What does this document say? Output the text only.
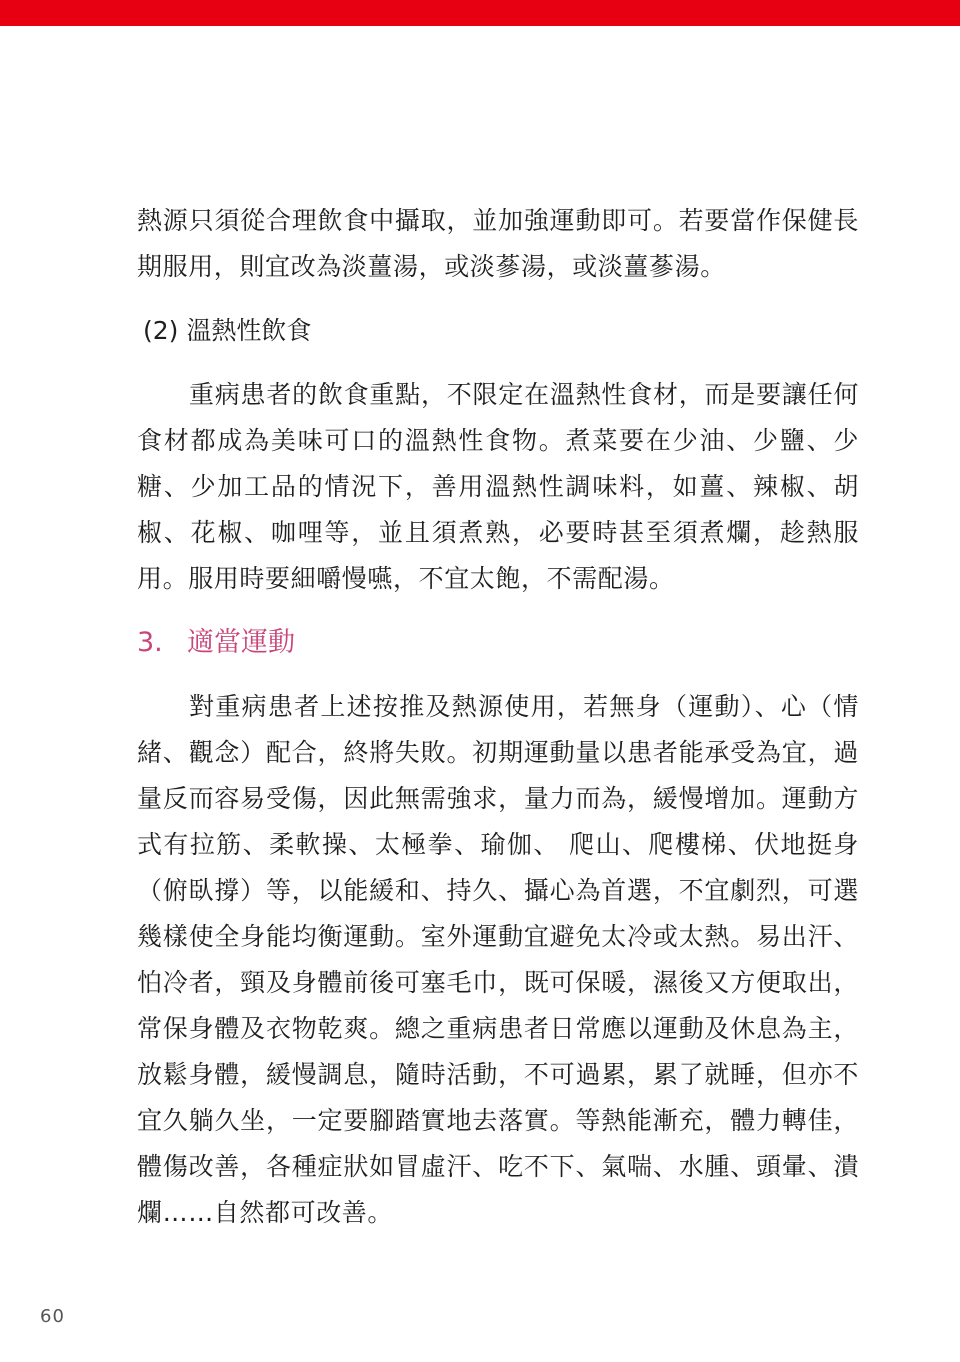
熱源只須從合理飲食中攝取，並加強運動即可。若要當作保健長期服用，則宜改為淡薑湯，或淡蔘湯，或淡薑蔘湯。

(2) 溫熱性飲食

重病患者的飲食重點，不限定在溫熱性食材，而是要讓任何食材都成為美味可口的溫熱性食物。煮菜要在少油、少鹽、少糖、少加工品的情況下，善用溫熱性調味料，如薑、辣椒、胡椒、花椒、咖哩等，並且須煮熟，必要時甚至須煮爛，趁熱服用。服用時要細嚼慢嚥，不宜太飽，不需配湯。

3. 適當運動

對重病患者上述按推及熱源使用，若無身（運動）、心（情緒、觀念）配合，終將失敗。初期運動量以患者能承受為宜，過量反而容易受傷，因此無需強求，量力而為，緩慢增加。運動方式有拉筋、柔軟操、太極拳、瑜伽、 爬山、爬樓梯、伏地挺身（俯臥撐）等，以能緩和、持久、攝心為首選，不宜劇烈，可選幾樣使全身能均衡運動。室外運動宜避免太冷或太熱。易出汗、怕冷者，頸及身體前後可塞毛巾，既可保暖，濕後又方便取出，常保身體及衣物乾爽。總之重病患者日常應以運動及休息為主，放鬆身體，緩慢調息，隨時活動，不可過累，累了就睡，但亦不宜久躺久坐，一定要腳踏實地去落實。等熱能漸充，體力轉佳，體傷改善，各種症狀如冒虛汗、吃不下、氣喘、水腫、頭暈、潰爛……自然都可改善。

60
